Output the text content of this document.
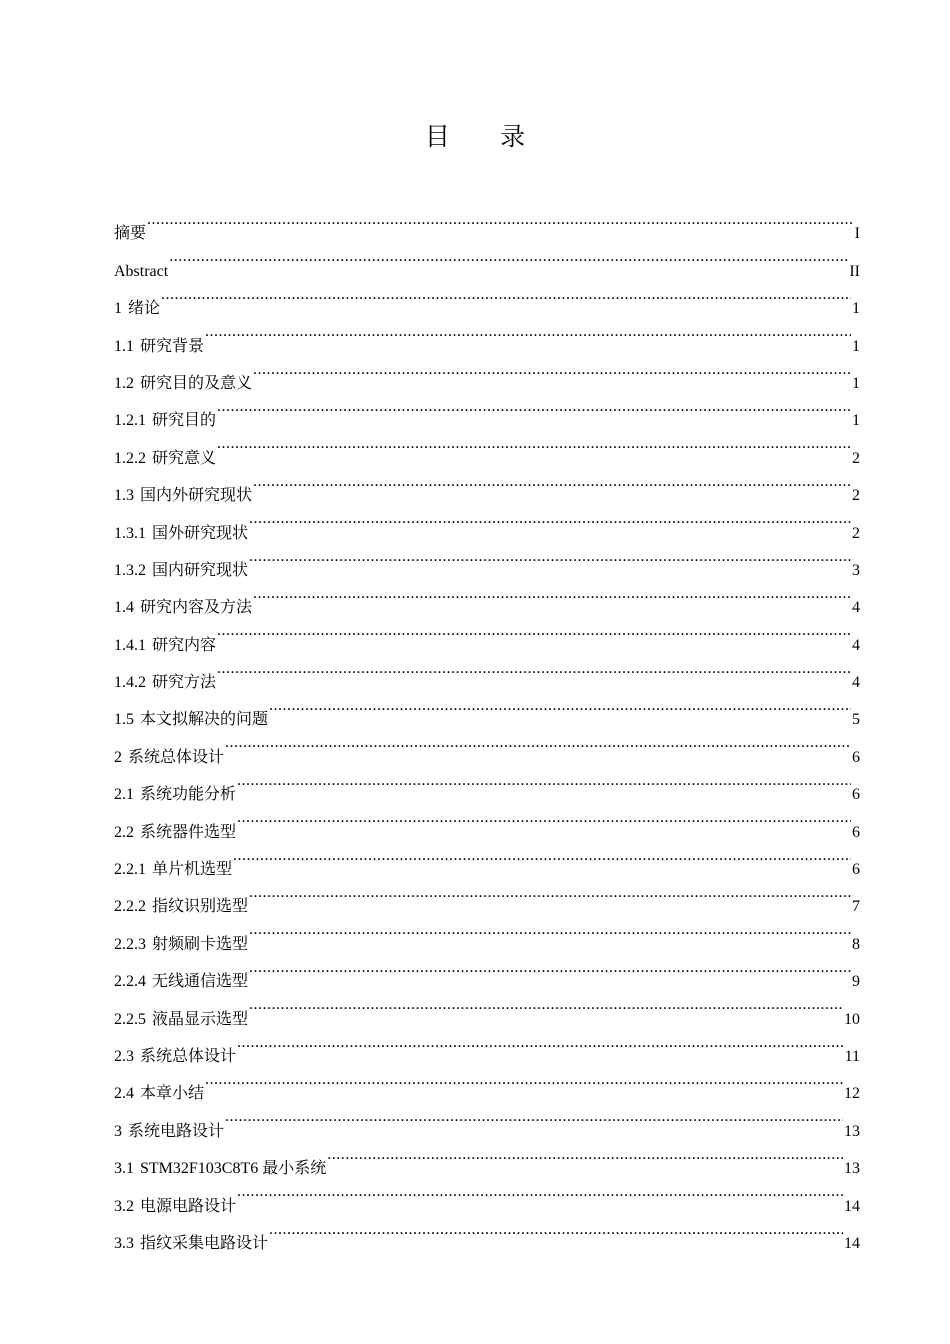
目 录
摘要 .....	I
Abstract .....	II
1 绪论 .....	1
1.1 研究背景 .....	1
1.2 研究目的及意义 .....	1
1.2.1 研究目的 .....	1
1.2.2 研究意义 .....	2
1.3 国内外研究现状 .....	2
1.3.1 国外研究现状 .....	2
1.3.2 国内研究现状 .....	3
1.4 研究内容及方法 .....	4
1.4.1 研究内容 .....	4
1.4.2 研究方法 .....	4
1.5 本文拟解决的问题 .....	5
2 系统总体设计 .....	6
2.1 系统功能分析 .....	6
2.2 系统器件选型 .....	6
2.2.1 单片机选型 .....	6
2.2.2 指纹识别选型 .....	7
2.2.3 射频刷卡选型 .....	8
2.2.4 无线通信选型 .....	9
2.2.5 液晶显示选型 .....	10
2.3 系统总体设计 .....	11
2.4 本章小结 .....	12
3 系统电路设计 .....	13
3.1 STM32F103C8T6 最小系统 .....	13
3.2 电源电路设计 .....	14
3.3 指纹采集电路设计 .....	14
